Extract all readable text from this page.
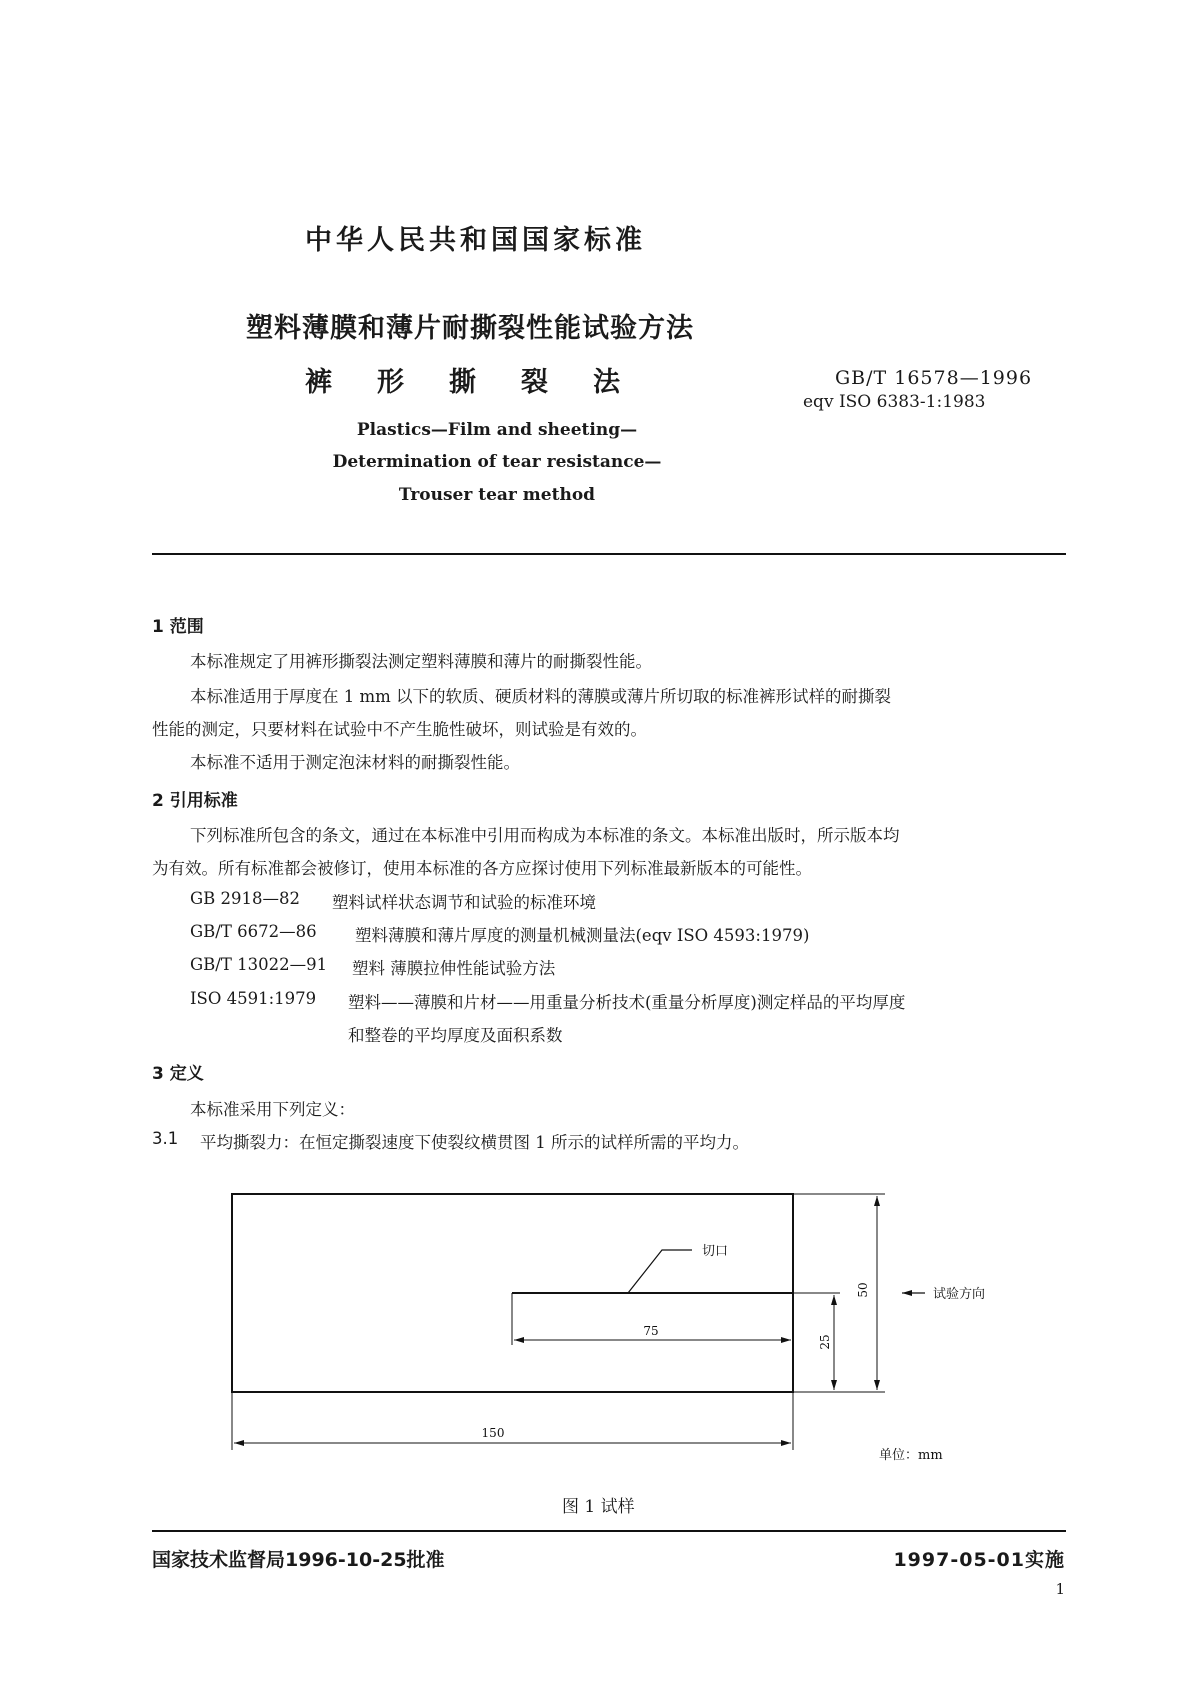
中华人民共和国国家标准
塑料薄膜和薄片耐撕裂性能试验方法
裤形撕裂法	GB/T 16578—1996
eqv ISO 6383-1:1983
Plastics—Film and sheeting—
Determination of tear resistance—
Trouser tear method
1 范围
本标准规定了用裤形撕裂法测定塑料薄膜和薄片的耐撕裂性能。
本标准适用于厚度在 1 mm 以下的软质、硬质材料的薄膜或薄片所切取的标准裤形试样的耐撕裂
性能的测定，只要材料在试验中不产生脆性破坏，则试验是有效的。
本标准不适用于测定泡沫材料的耐撕裂性能。
2 引用标准
下列标准所包含的条文，通过在本标准中引用而构成为本标准的条文。本标准出版时，所示版本均
为有效。所有标准都会被修订，使用本标准的各方应探讨使用下列标准最新版本的可能性。
GB 2918—82 塑料试样状态调节和试验的标准环境
GB/T 6672—86 塑料薄膜和薄片厚度的测量机械测量法(eqv ISO 4593:1979)
GB/T 13022—91 塑料 薄膜拉伸性能试验方法
ISO 4591:1979 塑料——薄膜和片材——用重量分析技术(重量分析厚度)测定样品的平均厚度
和整卷的平均厚度及面积系数
3 定义
本标准采用下列定义：
3.1 平均撕裂力：在恒定撕裂速度下使裂纹横贯图 1 所示的试样所需的平均力。
切口
试验方向
75
150
50
25
单位：mm
图 1 试样
国家技术监督局1996-10-25批准	1997-05-01实施
1
